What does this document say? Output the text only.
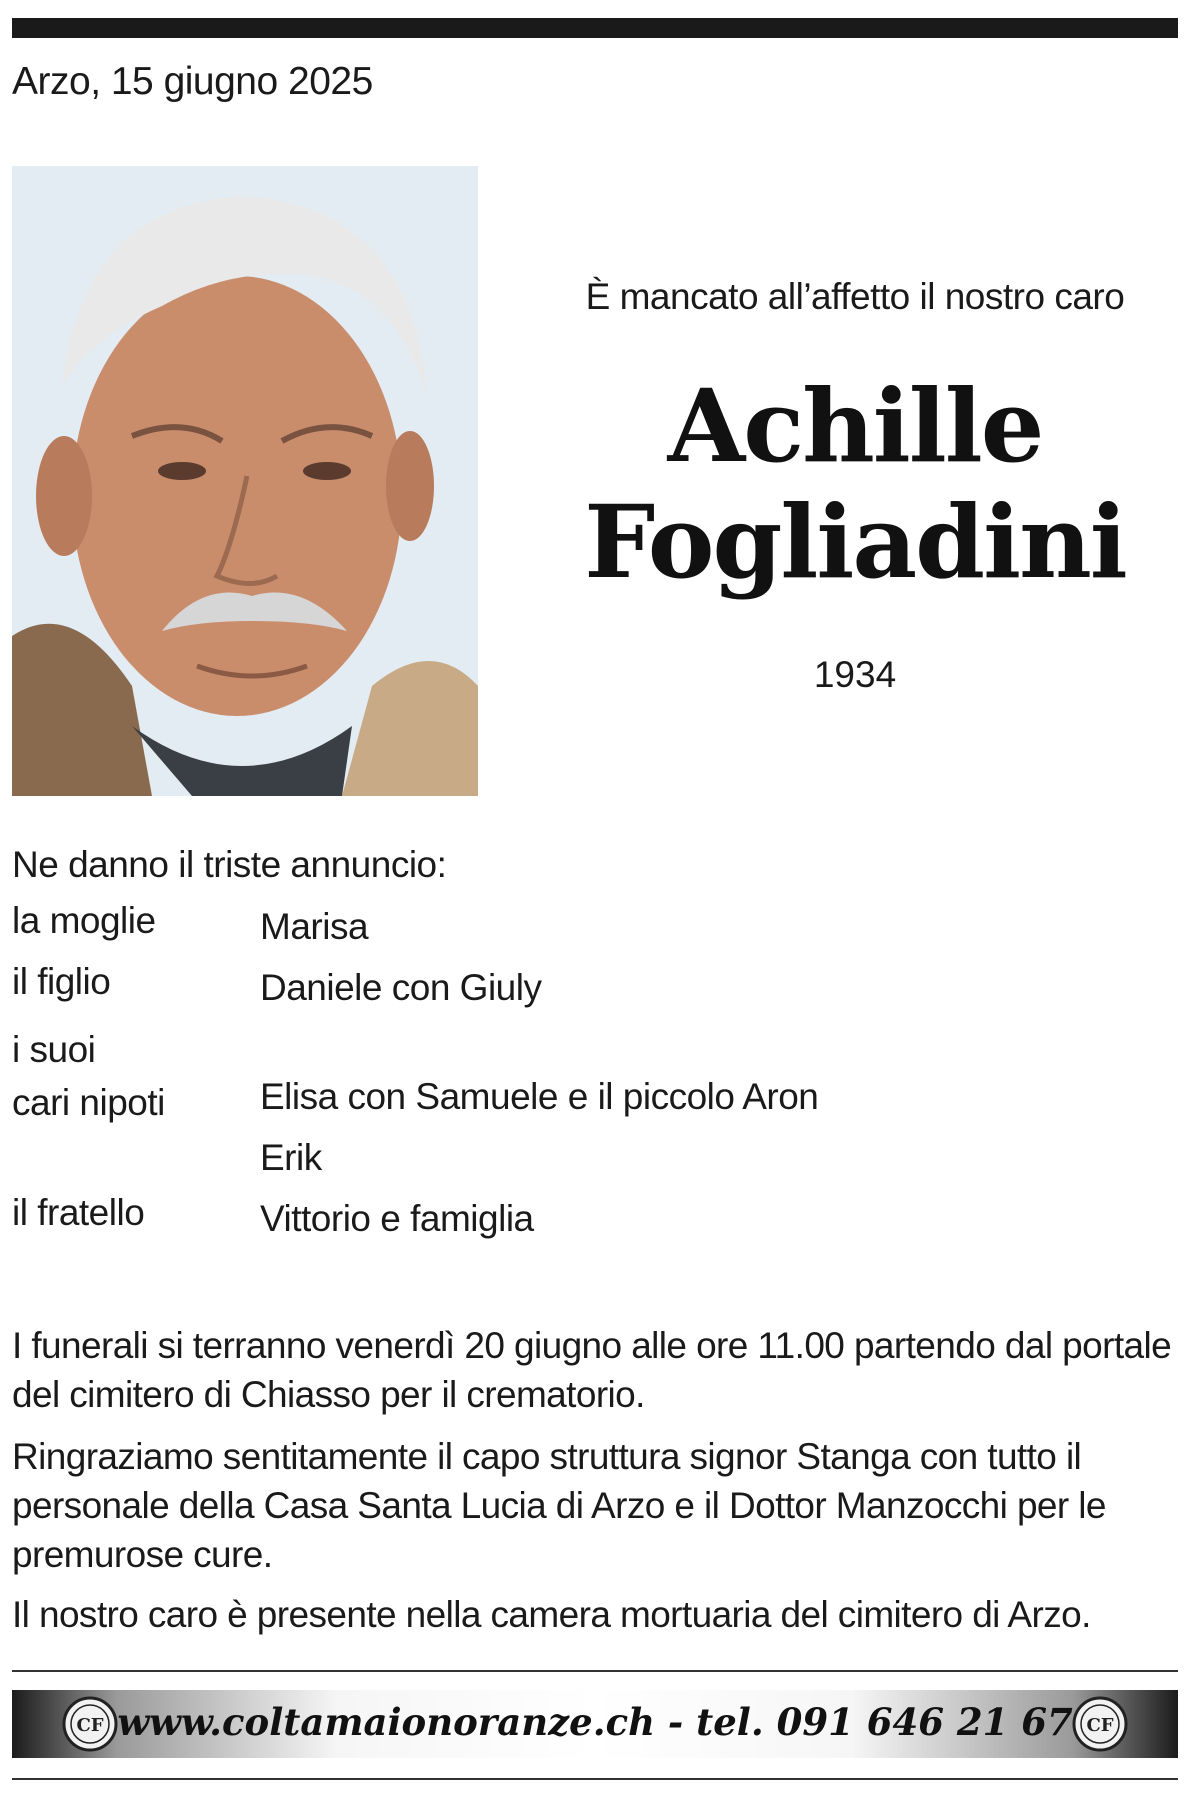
Arzo, 15 giugno 2025
È mancato all’affetto il nostro caro
Achille
Fogliadini
1934
Ne danno il triste annuncio:
la moglie	Marisa
il figlio	Daniele con Giuly
i suoi
cari nipoti	Elisa con Samuele e il piccolo Aron
Erik
il fratello	Vittorio e famiglia
I funerali si terranno venerdì 20 giugno alle ore 11.00 partendo dal portale del cimitero di Chiasso per il crematorio.
Ringraziamo sentitamente il capo struttura signor Stanga con tutto il personale della Casa Santa Lucia di Arzo e il Dottor Manzocchi per le premurose cure.
Il nostro caro è presente nella camera mortuaria del cimitero di Arzo.
CF www.coltamaionoranze.ch - tel. 091 646 21 67 CF
